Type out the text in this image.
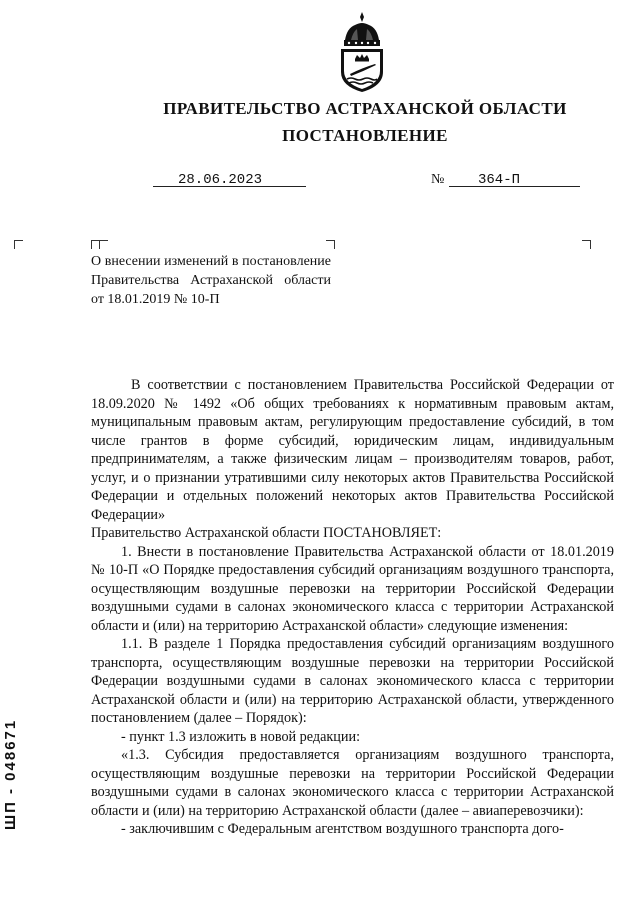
ПРАВИТЕЛЬСТВО АСТРАХАНСКОЙ ОБЛАСТИ
ПОСТАНОВЛЕНИЕ
28.06.2023	№ 364-П
О внесении изменений в постановление Правительства Астраханской области от 18.01.2019 № 10-П

В соответствии с постановлением Правительства Российской Федерации от 18.09.2020 № 1492 «Об общих требованиях к нормативным правовым актам, муниципальным правовым актам, регулирующим предоставление субсидий, в том числе грантов в форме субсидий, юридическим лицам, индивидуальным предпринимателям, а также физическим лицам – производителям товаров, работ, услуг, и о признании утратившими силу некоторых актов Правительства Российской Федерации и отдельных положений некоторых актов Правительства Российской Федерации»

Правительство Астраханской области ПОСТАНОВЛЯЕТ:

1. Внести в постановление Правительства Астраханской области от 18.01.2019 № 10-П «О Порядке предоставления субсидий организациям воздушного транспорта, осуществляющим воздушные перевозки на территории Российской Федерации воздушными судами в салонах экономического класса с территории Астраханской области и (или) на территорию Астраханской области» следующие изменения:

1.1. В разделе 1 Порядка предоставления субсидий организациям воздушного транспорта, осуществляющим воздушные перевозки на территории Российской Федерации воздушными судами в салонах экономического класса с территории Астраханской области и (или) на территорию Астраханской области, утвержденного постановлением (далее – Порядок):

- пункт 1.3 изложить в новой редакции:

«1.3. Субсидия предоставляется организациям воздушного транспорта, осуществляющим воздушные перевозки на территории Российской Федерации воздушными судами в салонах экономического класса с территории Астраханской области и (или) на территорию Астраханской области (далее – авиаперевозчики):

- заключившим с Федеральным агентством воздушного транспорта дого-

ШП - 048671
